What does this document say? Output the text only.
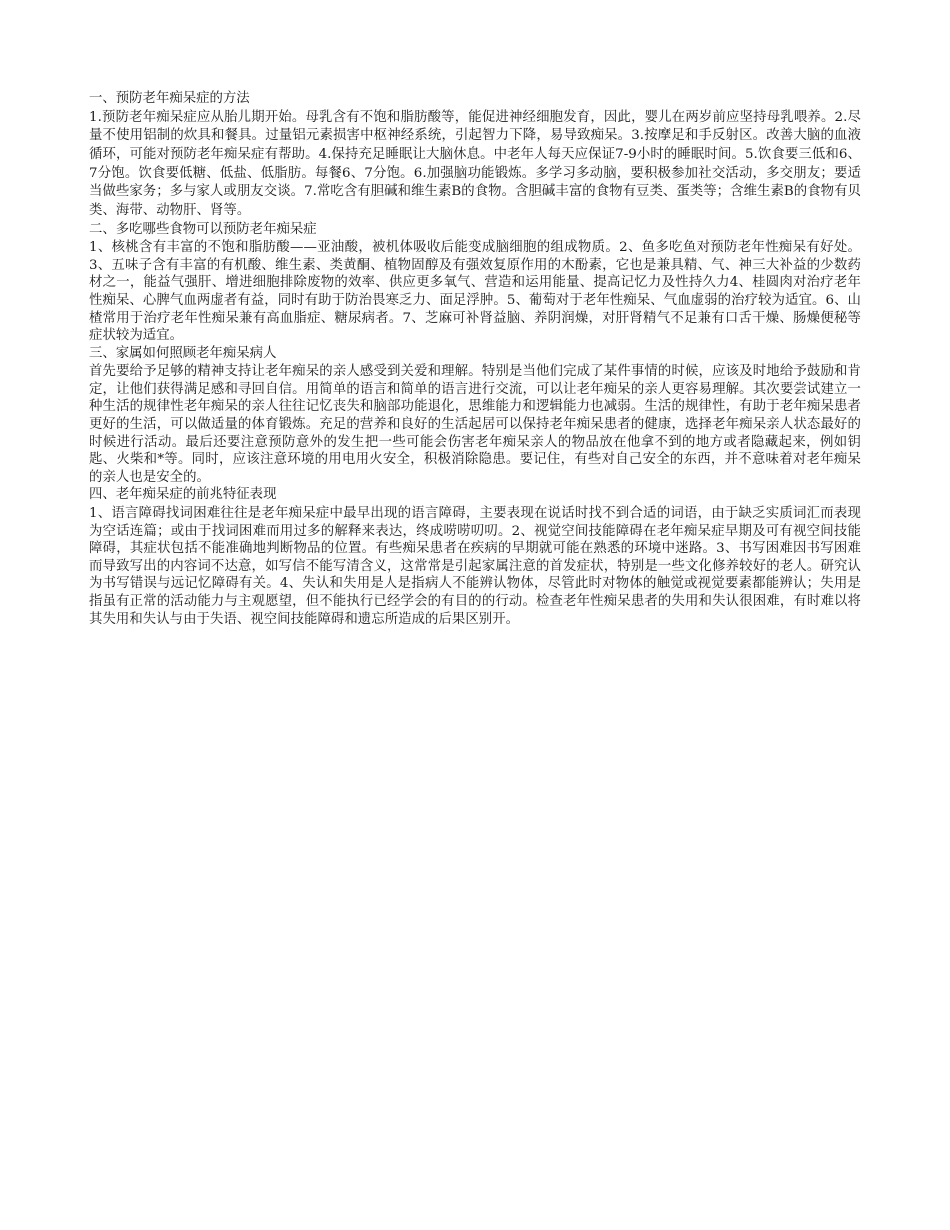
一、预防老年痴呆症的方法

1.预防老年痴呆症应从胎儿期开始。母乳含有不饱和脂肪酸等，能促进神经细胞发育，因此，婴儿在两岁前应坚持母乳喂养。2.尽量不使用铝制的炊具和餐具。过量铝元素损害中枢神经系统，引起智力下降，易导致痴呆。3.按摩足和手反射区。改善大脑的血液循环，可能对预防老年痴呆症有帮助。4.保持充足睡眠让大脑休息。中老年人每天应保证7-9小时的睡眠时间。5.饮食要三低和6、7分饱。饮食要低糖、低盐、低脂肪。每餐6、7分饱。6.加强脑功能锻炼。多学习多动脑，要积极参加社交活动，多交朋友；要适当做些家务；多与家人或朋友交谈。7.常吃含有胆碱和维生素B的食物。含胆碱丰富的食物有豆类、蛋类等；含维生素B的食物有贝类、海带、动物肝、肾等。

二、多吃哪些食物可以预防老年痴呆症

1、核桃含有丰富的不饱和脂肪酸——亚油酸，被机体吸收后能变成脑细胞的组成物质。2、鱼多吃鱼对预防老年性痴呆有好处。3、五味子含有丰富的有机酸、维生素、类黄酮、植物固醇及有强效复原作用的木酚素，它也是兼具精、气、神三大补益的少数药材之一，能益气强肝、增进细胞排除废物的效率、供应更多氧气、营造和运用能量、提高记忆力及性持久力4、桂圆肉对治疗老年性痴呆、心脾气血两虚者有益，同时有助于防治畏寒乏力、面足浮肿。5、葡萄对于老年性痴呆、气血虚弱的治疗较为适宜。6、山楂常用于治疗老年性痴呆兼有高血脂症、糖尿病者。7、芝麻可补肾益脑、养阴润燥，对肝肾精气不足兼有口舌干燥、肠燥便秘等症状较为适宜。

三、家属如何照顾老年痴呆病人

首先要给予足够的精神支持让老年痴呆的亲人感受到关爱和理解。特别是当他们完成了某件事情的时候，应该及时地给予鼓励和肯定，让他们获得满足感和寻回自信。用简单的语言和简单的语言进行交流，可以让老年痴呆的亲人更容易理解。其次要尝试建立一种生活的规律性老年痴呆的亲人往往记忆丧失和脑部功能退化，思维能力和逻辑能力也减弱。生活的规律性，有助于老年痴呆患者更好的生活，可以做适量的体育锻炼。充足的营养和良好的生活起居可以保持老年痴呆患者的健康，选择老年痴呆亲人状态最好的时候进行活动。最后还要注意预防意外的发生把一些可能会伤害老年痴呆亲人的物品放在他拿不到的地方或者隐藏起来，例如钥匙、火柴和*等。同时，应该注意环境的用电用火安全，积极消除隐患。要记住，有些对自己安全的东西，并不意味着对老年痴呆的亲人也是安全的。

四、老年痴呆症的前兆特征表现

1、语言障碍找词困难往往是老年痴呆症中最早出现的语言障碍，主要表现在说话时找不到合适的词语，由于缺乏实质词汇而表现为空话连篇；或由于找词困难而用过多的解释来表达，终成唠唠叨叨。2、视觉空间技能障碍在老年痴呆症早期及可有视空间技能障碍，其症状包括不能准确地判断物品的位置。有些痴呆患者在疾病的早期就可能在熟悉的环境中迷路。3、书写困难因书写困难而导致写出的内容词不达意，如写信不能写清含义，这常常是引起家属注意的首发症状，特别是一些文化修养较好的老人。研究认为书写错误与远记忆障碍有关。4、失认和失用是人是指病人不能辨认物体，尽管此时对物体的触觉或视觉要素都能辨认；失用是指虽有正常的活动能力与主观愿望，但不能执行已经学会的有目的的行动。检查老年性痴呆患者的失用和失认很困难，有时难以将其失用和失认与由于失语、视空间技能障碍和遗忘所造成的后果区别开。
